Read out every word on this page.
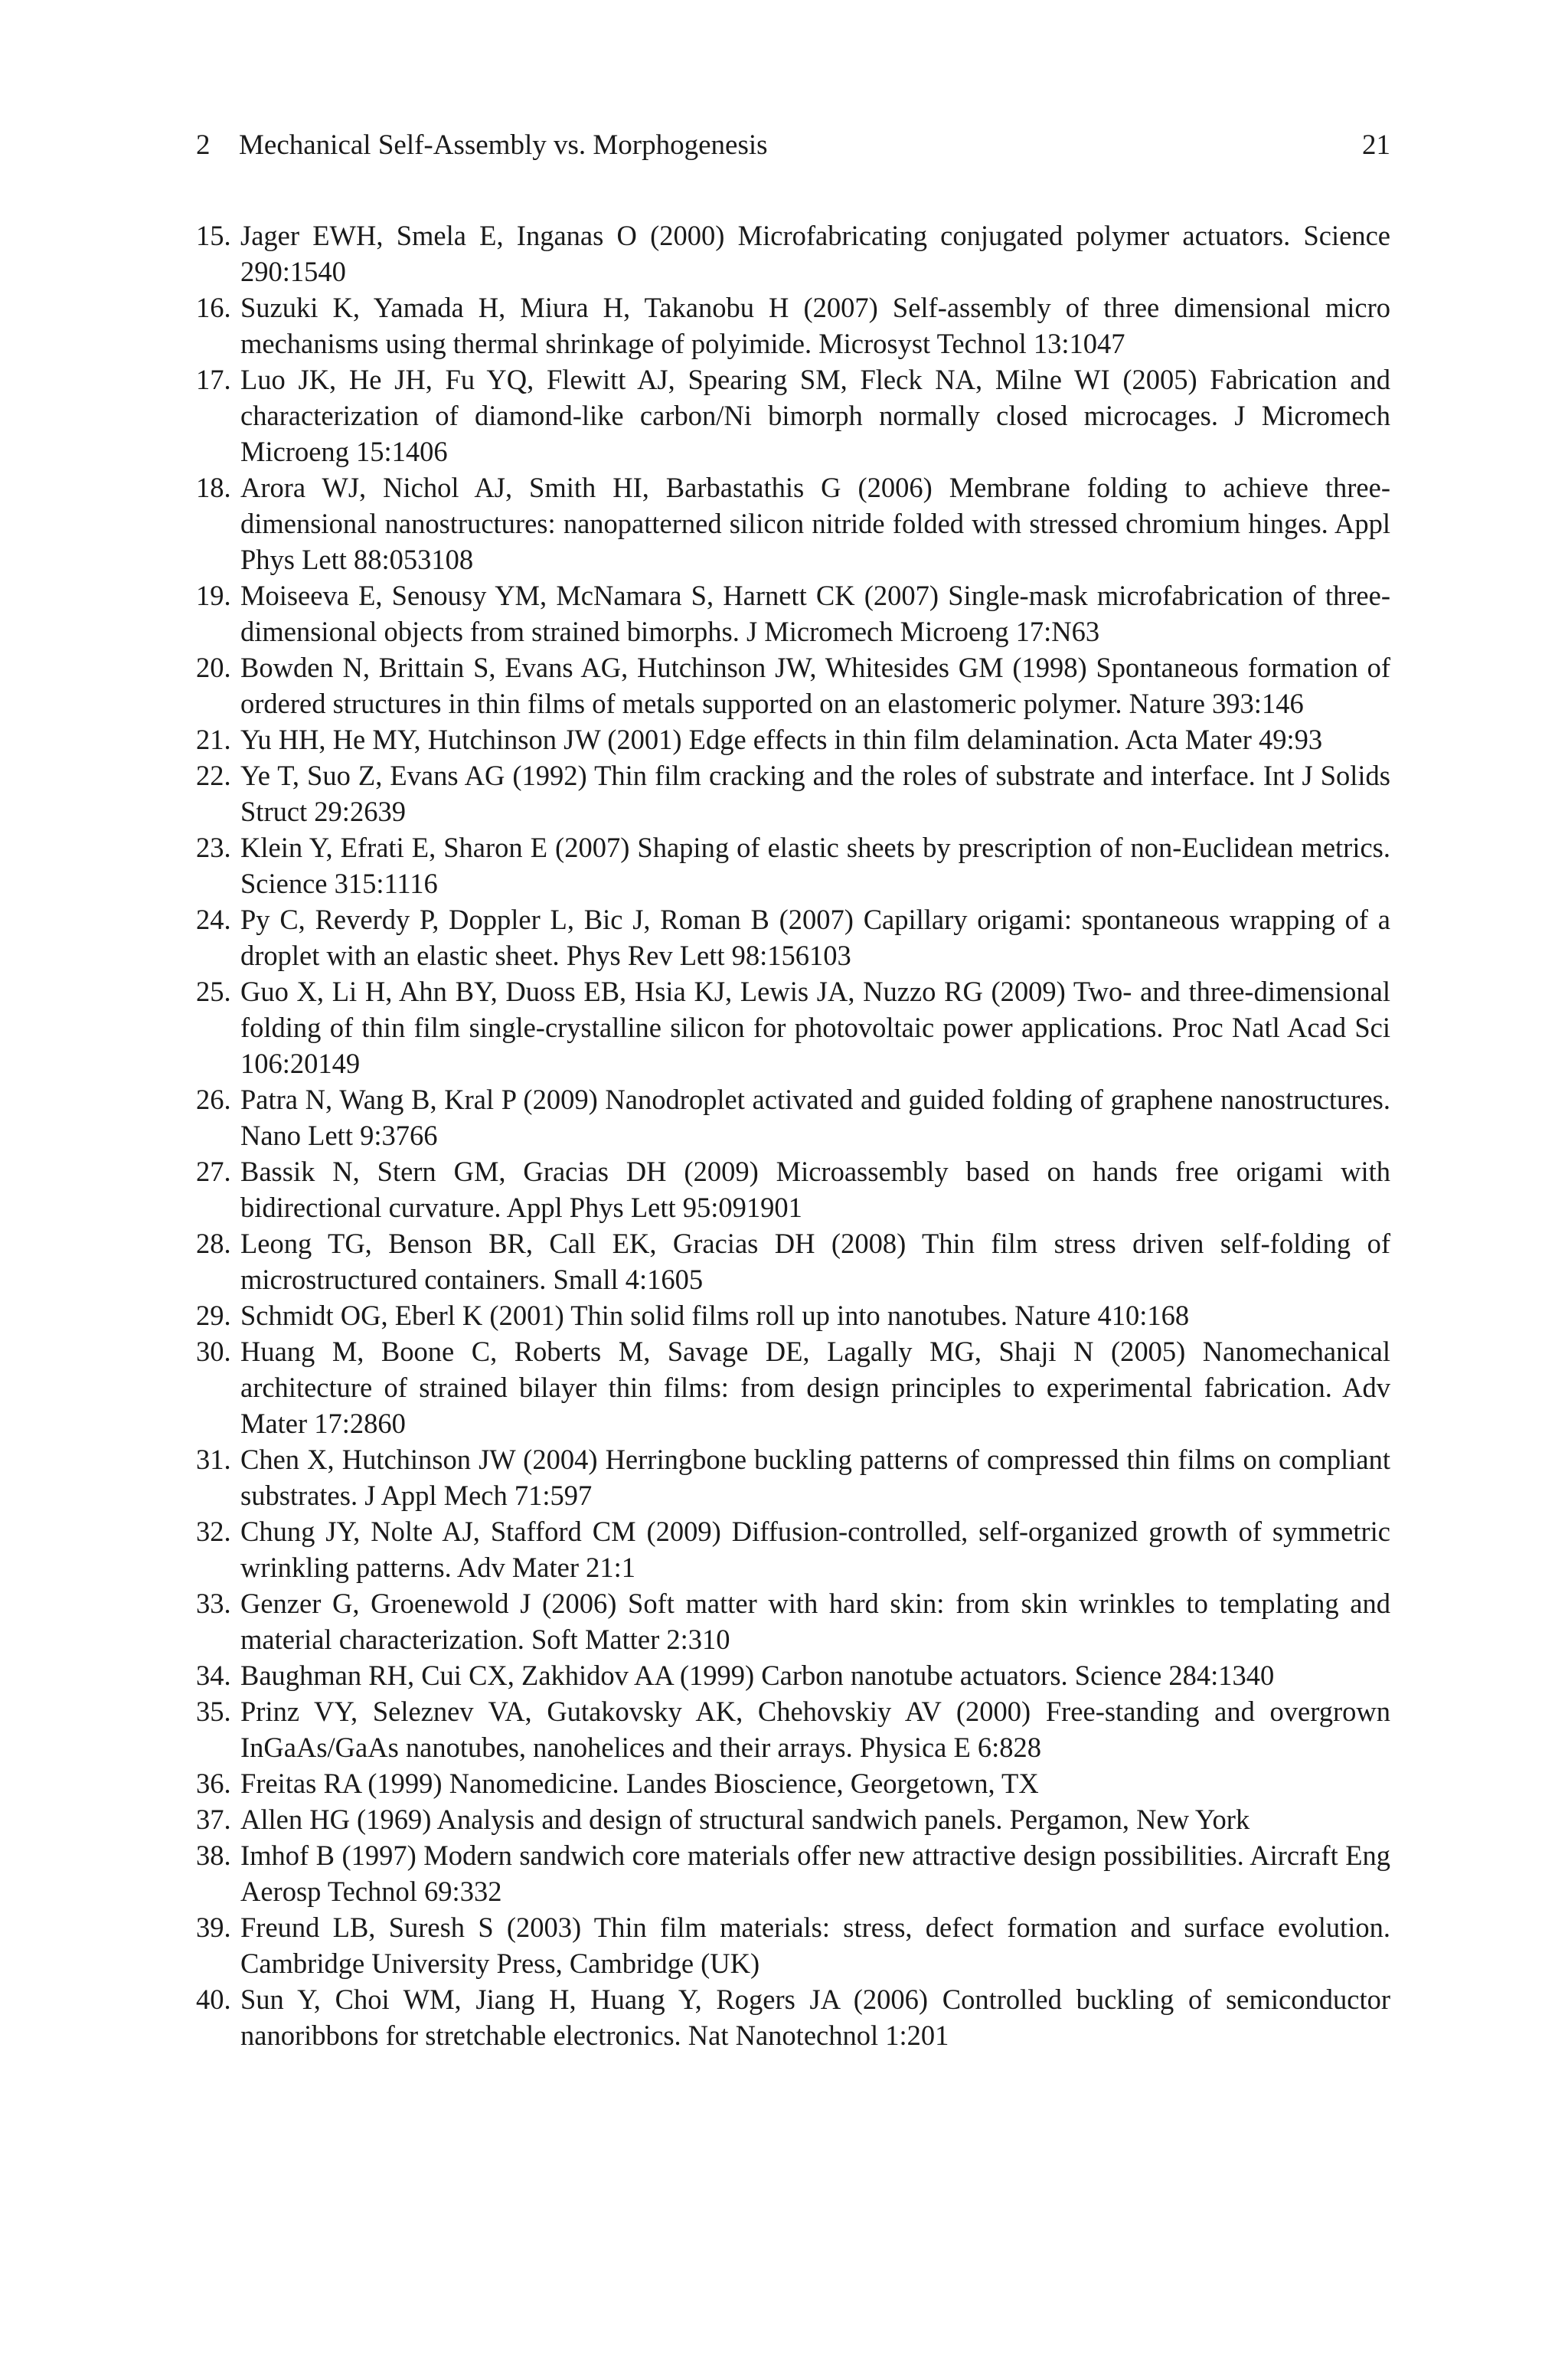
2 Mechanical Self-Assembly vs. Morphogenesis	21
15. Jager EWH, Smela E, Inganas O (2000) Microfabricating conjugated polymer actuators. Science 290:1540
16. Suzuki K, Yamada H, Miura H, Takanobu H (2007) Self-assembly of three dimensional micro mechanisms using thermal shrinkage of polyimide. Microsyst Technol 13:1047
17. Luo JK, He JH, Fu YQ, Flewitt AJ, Spearing SM, Fleck NA, Milne WI (2005) Fabrication and characterization of diamond-like carbon/Ni bimorph normally closed microcages. J Micromech Microeng 15:1406
18. Arora WJ, Nichol AJ, Smith HI, Barbastathis G (2006) Membrane folding to achieve three-dimensional nanostructures: nanopatterned silicon nitride folded with stressed chromium hinges. Appl Phys Lett 88:053108
19. Moiseeva E, Senousy YM, McNamara S, Harnett CK (2007) Single-mask microfabrication of three-dimensional objects from strained bimorphs. J Micromech Microeng 17:N63
20. Bowden N, Brittain S, Evans AG, Hutchinson JW, Whitesides GM (1998) Spontaneous formation of ordered structures in thin films of metals supported on an elastomeric polymer. Nature 393:146
21. Yu HH, He MY, Hutchinson JW (2001) Edge effects in thin film delamination. Acta Mater 49:93
22. Ye T, Suo Z, Evans AG (1992) Thin film cracking and the roles of substrate and interface. Int J Solids Struct 29:2639
23. Klein Y, Efrati E, Sharon E (2007) Shaping of elastic sheets by prescription of non-Euclidean metrics. Science 315:1116
24. Py C, Reverdy P, Doppler L, Bic J, Roman B (2007) Capillary origami: spontaneous wrapping of a droplet with an elastic sheet. Phys Rev Lett 98:156103
25. Guo X, Li H, Ahn BY, Duoss EB, Hsia KJ, Lewis JA, Nuzzo RG (2009) Two- and three-dimensional folding of thin film single-crystalline silicon for photovoltaic power applications. Proc Natl Acad Sci 106:20149
26. Patra N, Wang B, Kral P (2009) Nanodroplet activated and guided folding of graphene nanostructures. Nano Lett 9:3766
27. Bassik N, Stern GM, Gracias DH (2009) Microassembly based on hands free origami with bidirectional curvature. Appl Phys Lett 95:091901
28. Leong TG, Benson BR, Call EK, Gracias DH (2008) Thin film stress driven self-folding of microstructured containers. Small 4:1605
29. Schmidt OG, Eberl K (2001) Thin solid films roll up into nanotubes. Nature 410:168
30. Huang M, Boone C, Roberts M, Savage DE, Lagally MG, Shaji N (2005) Nanomechanical architecture of strained bilayer thin films: from design principles to experimental fabrication. Adv Mater 17:2860
31. Chen X, Hutchinson JW (2004) Herringbone buckling patterns of compressed thin films on compliant substrates. J Appl Mech 71:597
32. Chung JY, Nolte AJ, Stafford CM (2009) Diffusion-controlled, self-organized growth of symmetric wrinkling patterns. Adv Mater 21:1
33. Genzer G, Groenewold J (2006) Soft matter with hard skin: from skin wrinkles to templating and material characterization. Soft Matter 2:310
34. Baughman RH, Cui CX, Zakhidov AA (1999) Carbon nanotube actuators. Science 284:1340
35. Prinz VY, Seleznev VA, Gutakovsky AK, Chehovskiy AV (2000) Free-standing and overgrown InGaAs/GaAs nanotubes, nanohelices and their arrays. Physica E 6:828
36. Freitas RA (1999) Nanomedicine. Landes Bioscience, Georgetown, TX
37. Allen HG (1969) Analysis and design of structural sandwich panels. Pergamon, New York
38. Imhof B (1997) Modern sandwich core materials offer new attractive design possibilities. Aircraft Eng Aerosp Technol 69:332
39. Freund LB, Suresh S (2003) Thin film materials: stress, defect formation and surface evolution. Cambridge University Press, Cambridge (UK)
40. Sun Y, Choi WM, Jiang H, Huang Y, Rogers JA (2006) Controlled buckling of semiconductor nanoribbons for stretchable electronics. Nat Nanotechnol 1:201
